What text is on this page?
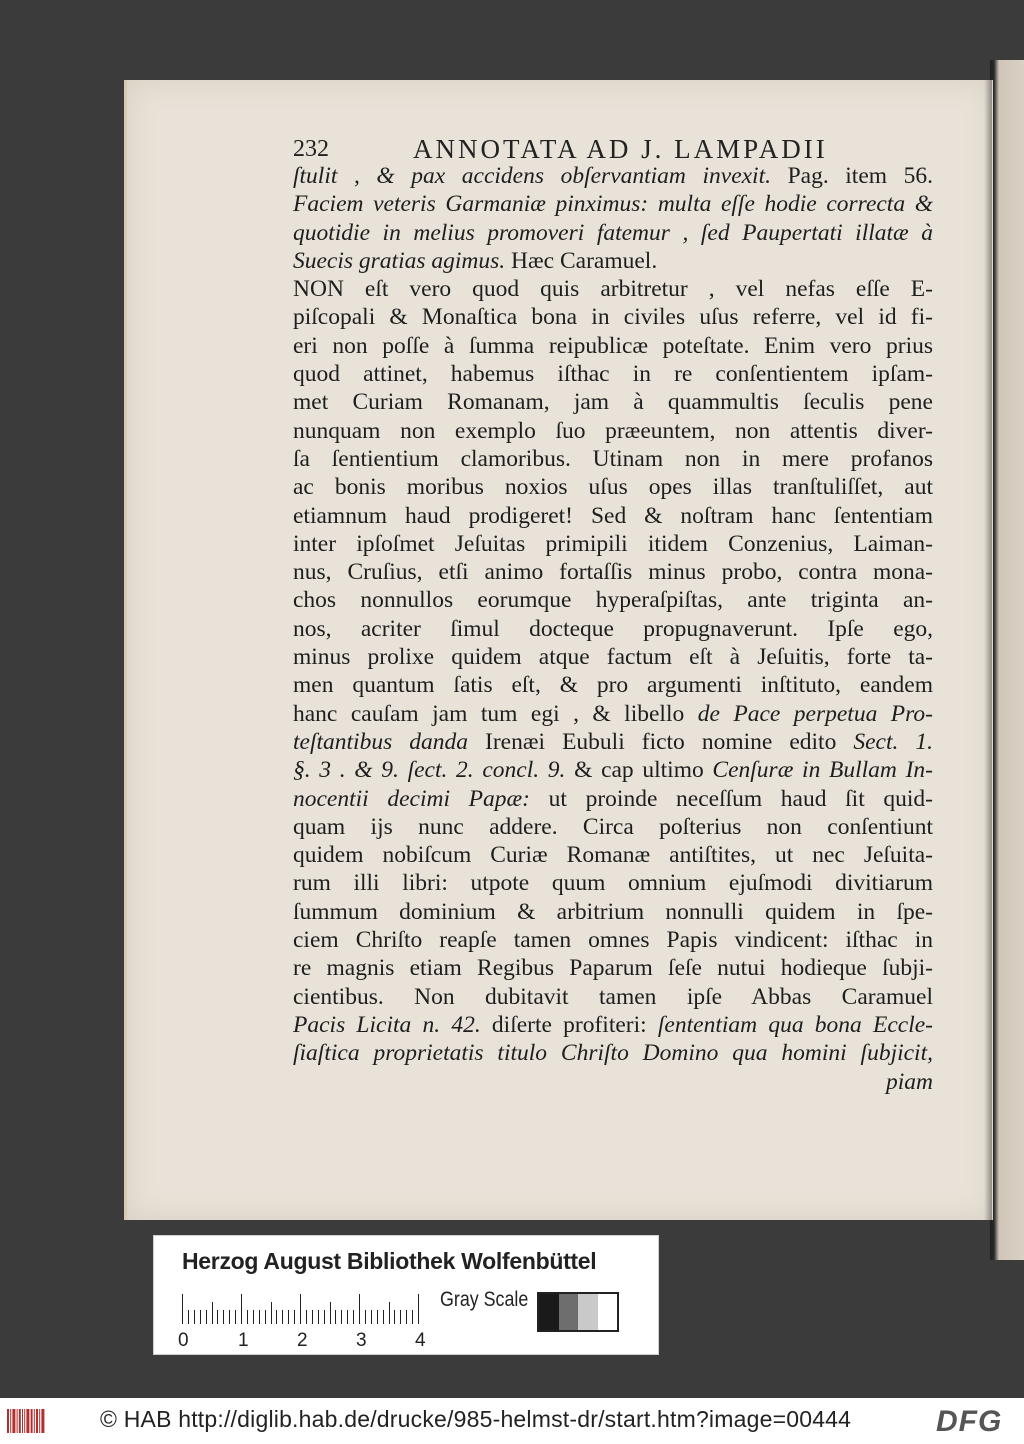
232	ANNOTATA AD J. LAMPADII
ſtulit , & pax accidens obſervantiam invexit. Pag. item 56.
Faciem veteris Garmaniæ pinximus: multa eſſe hodie correcta &
quotidie in melius promoveri fatemur , ſed Paupertati illatæ à
Suecis gratias agimus. Hæc Caramuel.
NON eſt vero quod quis arbitretur , vel nefas eſſe E-
piſcopali & Monaſtica bona in civiles uſus referre, vel id fi-
eri non poſſe à ſumma reipublicæ poteſtate. Enim vero prius
quod attinet, habemus iſthac in re conſentientem ipſam-
met Curiam Romanam, jam à quammultis ſeculis pene
nunquam non exemplo ſuo præeuntem, non attentis diver-
ſa ſentientium clamoribus. Utinam non in mere profanos
ac bonis moribus noxios uſus opes illas tranſtuliſſet, aut
etiamnum haud prodigeret! Sed & noſtram hanc ſententiam
inter ipſoſmet Jeſuitas primipili itidem Conzenius, Laiman-
nus, Cruſius, etſi animo fortaſſis minus probo, contra mona-
chos nonnullos eorumque hyperaſpiſtas, ante triginta an-
nos, acriter ſimul docteque propugnaverunt. Ipſe ego,
minus prolixe quidem atque factum eſt à Jeſuitis, forte ta-
men quantum ſatis eſt, & pro argumenti inſtituto, eandem
hanc cauſam jam tum egi , & libello de Pace perpetua Pro-
teſtantibus danda Irenæi Eubuli ficto nomine edito Sect. 1.
§. 3 . & 9. ſect. 2. concl. 9. & cap ultimo Cenſuræ in Bullam In-
nocentii decimi Papæ: ut proinde neceſſum haud ſit quid-
quam ijs nunc addere. Circa poſterius non conſentiunt
quidem nobiſcum Curiæ Romanæ antiſtites, ut nec Jeſuita-
rum illi libri: utpote quum omnium ejuſmodi divitiarum
ſummum dominium & arbitrium nonnulli quidem in ſpe-
ciem Chriſto reapſe tamen omnes Papis vindicent: iſthac in
re magnis etiam Regibus Paparum ſeſe nutui hodieque ſubji-
cientibus. Non dubitavit tamen ipſe Abbas Caramuel
Pacis Licita n. 42. diſerte profiteri: ſententiam qua bona Eccle-
ſiaſtica proprietatis titulo Chriſto Domino qua homini ſubjicit,
piam
Herzog August Bibliothek Wolfenbüttel
0	1	2	3	4
Gray Scale
© HAB http://diglib.hab.de/drucke/985-helmst-dr/start.htm?image=00444	DFG
